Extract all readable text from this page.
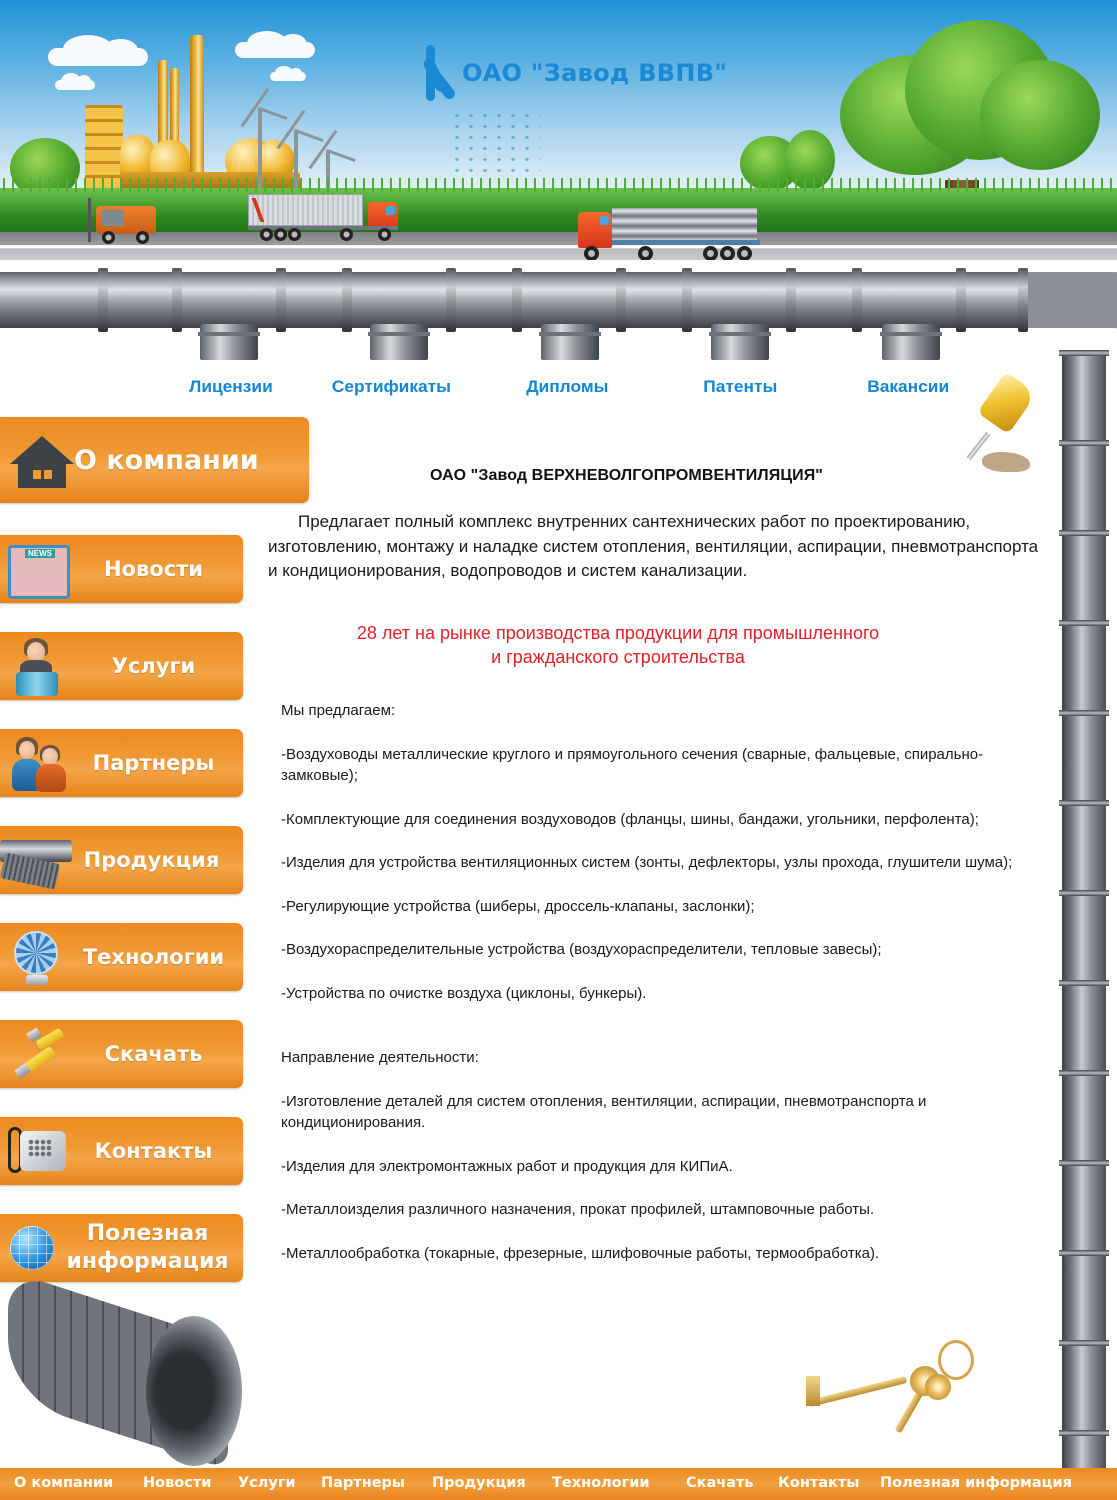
ОАО "Завод ВВПВ"
Лицензии	Сертификаты	Дипломы	Патенты	Вакансии
О компании
NEWS
Новости
Услуги
Партнеры
Продукция
Технологии
Скачать
Контакты
Полезная
информация
ОАО "Завод ВЕРХНЕВОЛГОПРОМВЕНТИЛЯЦИЯ"

Предлагает полный комплекс внутренних сантехнических работ по проектированию, изготовлению, монтажу и наладке систем отопления, вентиляции, аспирации, пневмотранспорта и кондиционирования, водопроводов и систем канализации.

28 лет на рынке производства продукции для промышленного
и гражданского строительства

Мы предлагаем:

-Воздуховоды металлические круглого и прямоугольного сечения (сварные, фальцевые, спирально-замковые);

-Комплектующие для соединения воздуховодов (фланцы, шины, бандажи, угольники, перфолента);

-Изделия для устройства вентиляционных систем (зонты, дефлекторы, узлы прохода, глушители шума);

-Регулирующие устройства (шиберы, дроссель-клапаны, заслонки);

-Воздухораспределительные устройства (воздухораспределители, тепловые завесы);

-Устройства по очистке воздуха (циклоны, бункеры).

Направление деятельности:

-Изготовление деталей для систем отопления, вентиляции, аспирации, пневмотранспорта и кондиционирования.

-Изделия для электромонтажных работ и продукция для КИПиА.

-Металлоизделия различного назначения, прокат профилей, штамповочные работы.

-Металлообработка (токарные, фрезерные, шлифовочные работы, термообработка).

О компании Новости Услуги Партнеры Продукция Технологии	Скачать Контакты Полезная информация
